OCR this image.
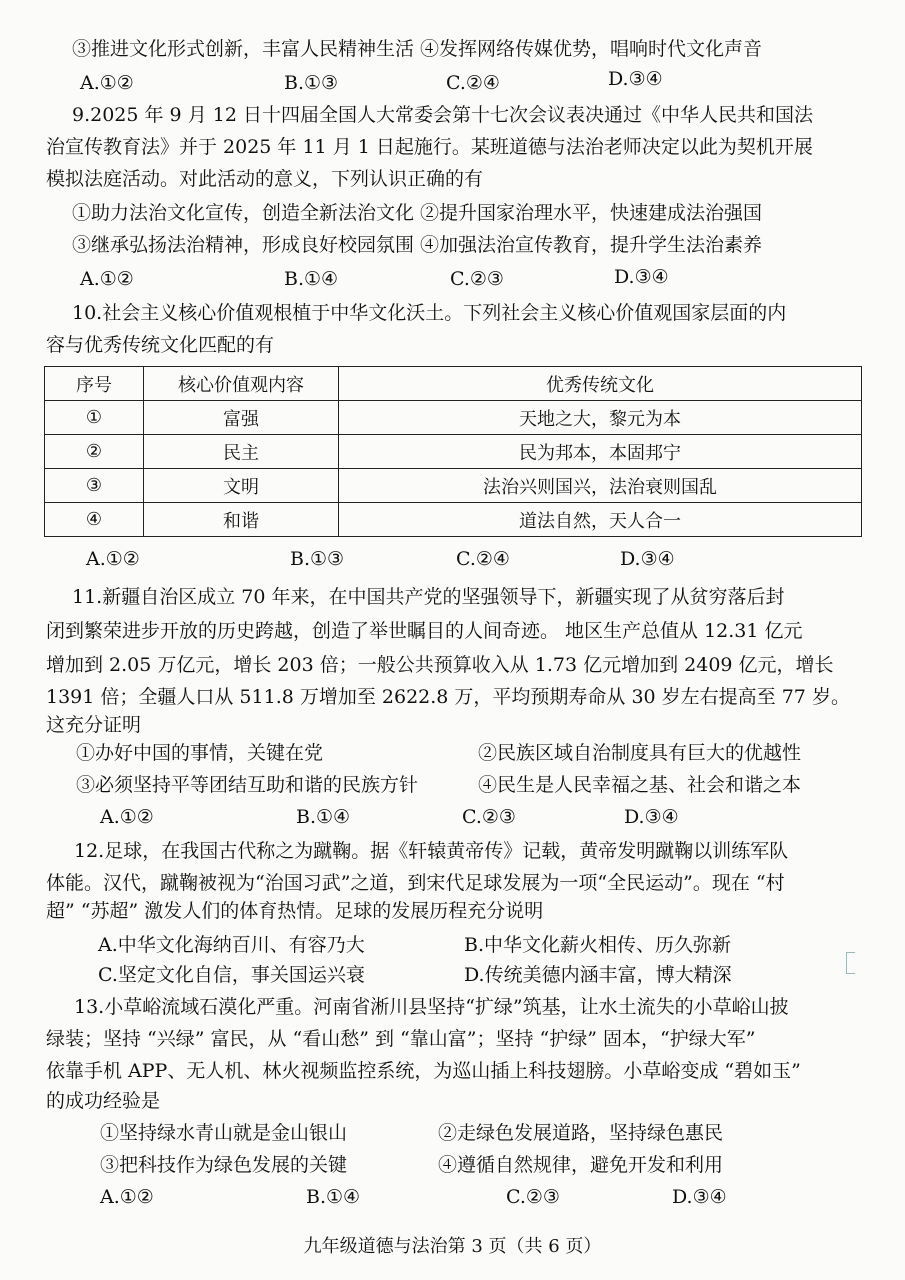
③推进文化形式创新，丰富人民精神生活 ④发挥网络传媒优势，唱响时代文化声音
A.①②	B.①③	C.②④	D.③④
9.2025 年 9 月 12 日十四届全国人大常委会第十七次会议表决通过《中华人民共和国法
治宣传教育法》并于 2025 年 11 月 1 日起施行。某班道德与法治老师决定以此为契机开展
模拟法庭活动。对此活动的意义，下列认识正确的有
①助力法治文化宣传，创造全新法治文化 ②提升国家治理水平，快速建成法治强国
③继承弘扬法治精神，形成良好校园氛围 ④加强法治宣传教育，提升学生法治素养
A.①②	B.①④	C.②③	D.③④
10.社会主义核心价值观根植于中华文化沃土。下列社会主义核心价值观国家层面的内
容与优秀传统文化匹配的有
序号	核心价值观内容	优秀传统文化
①	富强	天地之大，黎元为本
②	民主	民为邦本，本固邦宁
③	文明	法治兴则国兴，法治衰则国乱
④	和谐	道法自然，天人合一
A.①②	B.①③	C.②④	D.③④
11.新疆自治区成立 70 年来，在中国共产党的坚强领导下，新疆实现了从贫穷落后封
闭到繁荣进步开放的历史跨越，创造了举世瞩目的人间奇迹。 地区生产总值从 12.31 亿元
增加到 2.05 万亿元，增长 203 倍；一般公共预算收入从 1.73 亿元增加到 2409 亿元，增长
1391 倍；全疆人口从 511.8 万增加至 2622.8 万，平均预期寿命从 30 岁左右提高至 77 岁。
这充分证明
①办好中国的事情，关键在党	②民族区域自治制度具有巨大的优越性
③必须坚持平等团结互助和谐的民族方针	④民生是人民幸福之基、社会和谐之本
A.①②	B.①④	C.②③	D.③④
12.足球，在我国古代称之为蹴鞠。据《轩辕黄帝传》记载，黄帝发明蹴鞠以训练军队
体能。汉代，蹴鞠被视为“治国习武”之道，到宋代足球发展为一项“全民运动”。现在 “村
超” “苏超” 激发人们的体育热情。足球的发展历程充分说明
A.中华文化海纳百川、有容乃大	B.中华文化薪火相传、历久弥新
C.坚定文化自信，事关国运兴衰	D.传统美德内涵丰富，博大精深
13.小草峪流域石漠化严重。河南省淅川县坚持“扩绿”筑基，让水土流失的小草峪山披
绿装；坚持 “兴绿” 富民，从 “看山愁” 到 “靠山富”；坚持 “护绿” 固本，“护绿大军”
依靠手机 APP、无人机、林火视频监控系统，为巡山插上科技翅膀。小草峪变成 “碧如玉”
的成功经验是
①坚持绿水青山就是金山银山	②走绿色发展道路，坚持绿色惠民
③把科技作为绿色发展的关键	④遵循自然规律，避免开发和利用
A.①②	B.①④	C.②③	D.③④
九年级道德与法治第 3 页（共 6 页）
